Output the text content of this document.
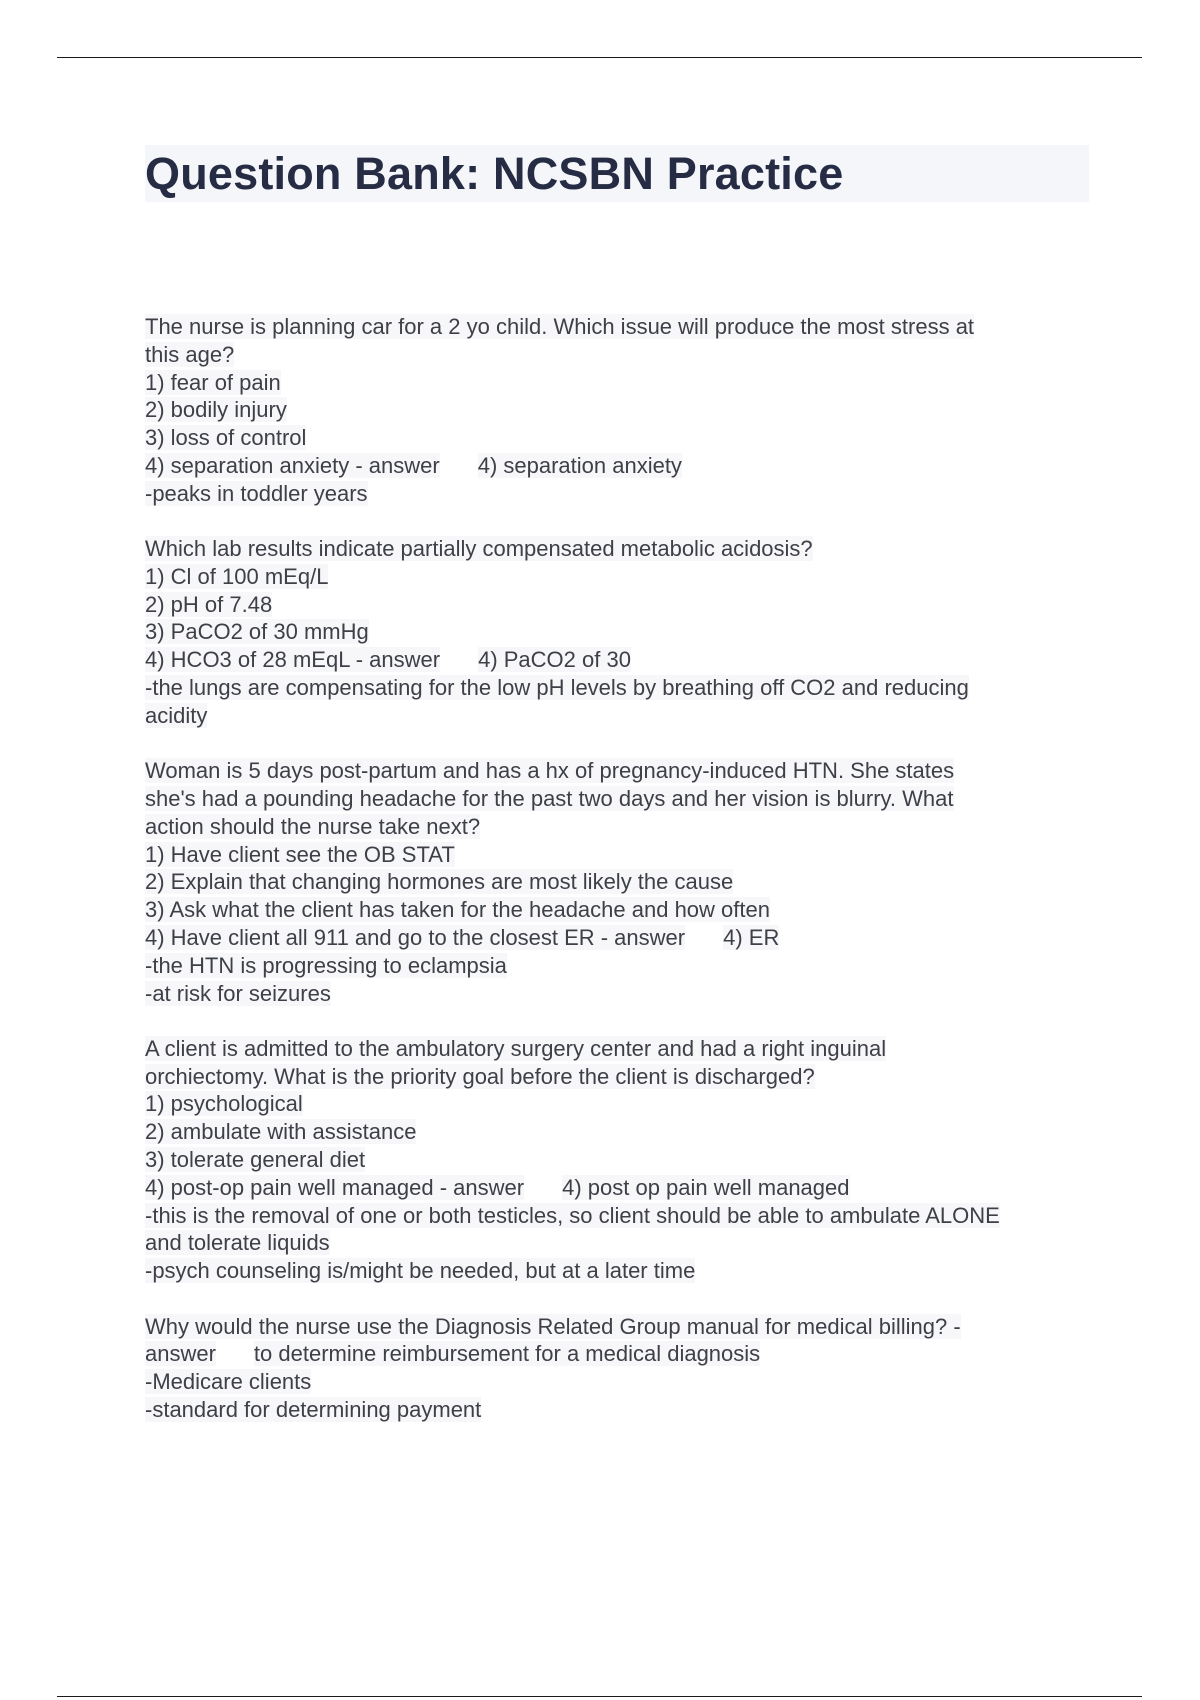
Question Bank: NCSBN Practice
The nurse is planning car for a 2 yo child. Which issue will produce the most stress at
this age?
1) fear of pain
2) bodily injury
3) loss of control
4) separation anxiety - answer 4) separation anxiety
-peaks in toddler years
Which lab results indicate partially compensated metabolic acidosis?
1) Cl of 100 mEq/L
2) pH of 7.48
3) PaCO2 of 30 mmHg
4) HCO3 of 28 mEqL - answer 4) PaCO2 of 30
-the lungs are compensating for the low pH levels by breathing off CO2 and reducing
acidity
Woman is 5 days post-partum and has a hx of pregnancy-induced HTN. She states
she's had a pounding headache for the past two days and her vision is blurry. What
action should the nurse take next?
1) Have client see the OB STAT
2) Explain that changing hormones are most likely the cause
3) Ask what the client has taken for the headache and how often
4) Have client all 911 and go to the closest ER - answer 4) ER
-the HTN is progressing to eclampsia
-at risk for seizures
A client is admitted to the ambulatory surgery center and had a right inguinal
orchiectomy. What is the priority goal before the client is discharged?
1) psychological
2) ambulate with assistance
3) tolerate general diet
4) post-op pain well managed - answer 4) post op pain well managed
-this is the removal of one or both testicles, so client should be able to ambulate ALONE
and tolerate liquids
-psych counseling is/might be needed, but at a later time
Why would the nurse use the Diagnosis Related Group manual for medical billing? -
answer to determine reimbursement for a medical diagnosis
-Medicare clients
-standard for determining payment
